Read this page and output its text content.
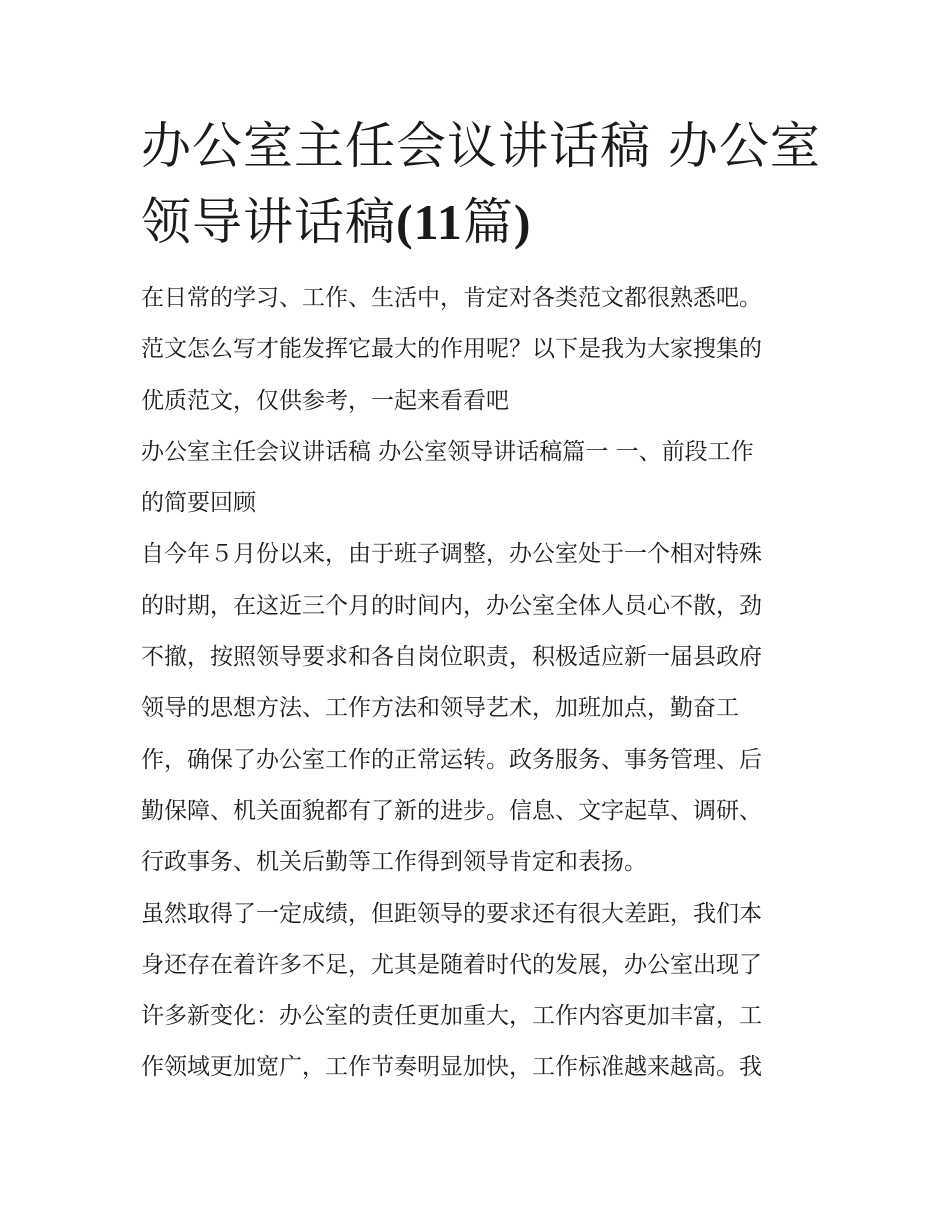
办公室主任会议讲话稿 办公室
领导讲话稿(11篇)

在日常的学习、工作、生活中，肯定对各类范文都很熟悉吧。
范文怎么写才能发挥它最大的作用呢？以下是我为大家搜集的
优质范文，仅供参考，一起来看看吧

办公室主任会议讲话稿 办公室领导讲话稿篇一 一、前段工作
的简要回顾

自今年５月份以来，由于班子调整，办公室处于一个相对特殊
的时期，在这近三个月的时间内，办公室全体人员心不散，劲
不撤，按照领导要求和各自岗位职责，积极适应新一届县政府
领导的思想方法、工作方法和领导艺术，加班加点，勤奋工
作，确保了办公室工作的正常运转。政务服务、事务管理、后
勤保障、机关面貌都有了新的进步。信息、文字起草、调研、
行政事务、机关后勤等工作得到领导肯定和表扬。

虽然取得了一定成绩，但距领导的要求还有很大差距，我们本
身还存在着许多不足，尤其是随着时代的发展，办公室出现了
许多新变化：办公室的责任更加重大，工作内容更加丰富，工
作领域更加宽广，工作节奏明显加快，工作标准越来越高。我
